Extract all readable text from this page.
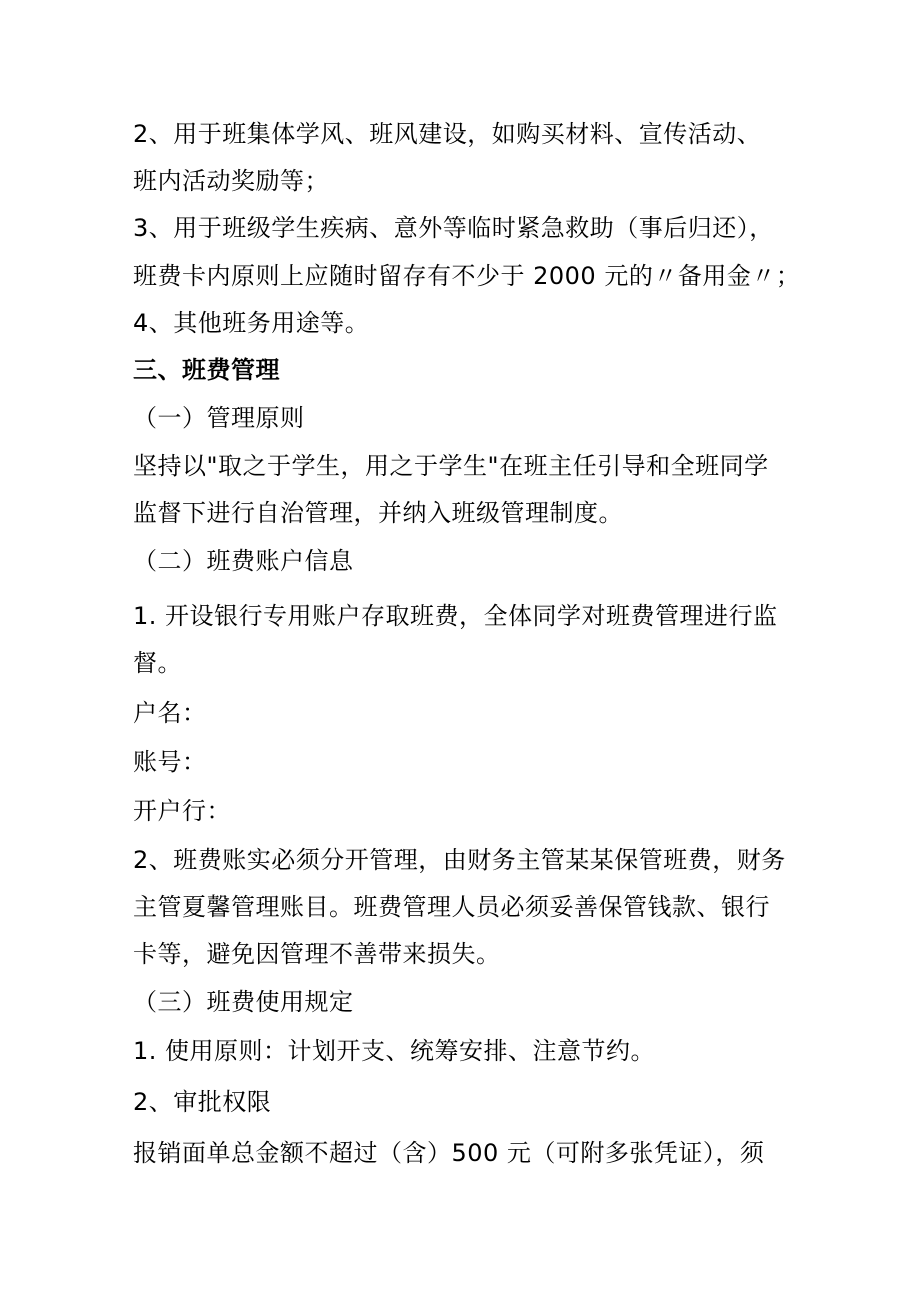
2、用于班集体学风、班风建设，如购买材料、宣传活动、
班内活动奖励等；
3、用于班级学生疾病、意外等临时紧急救助（事后归还），
班费卡内原则上应随时留存有不少于 2000 元的〃备用金〃；
4、其他班务用途等。
三、班费管理
（一）管理原则
坚持以"取之于学生，用之于学生"在班主任引导和全班同学
监督下进行自治管理，并纳入班级管理制度。
（二）班费账户信息
1. 开设银行专用账户存取班费，全体同学对班费管理进行监
督。
户名：
账号：
开户行：
2、班费账实必须分开管理，由财务主管某某保管班费，财务
主管夏馨管理账目。班费管理人员必须妥善保管钱款、银行
卡等，避免因管理不善带来损失。
（三）班费使用规定
1. 使用原则：计划开支、统筹安排、注意节约。
2、审批权限
报销面单总金额不超过（含）500 元（可附多张凭证），须
